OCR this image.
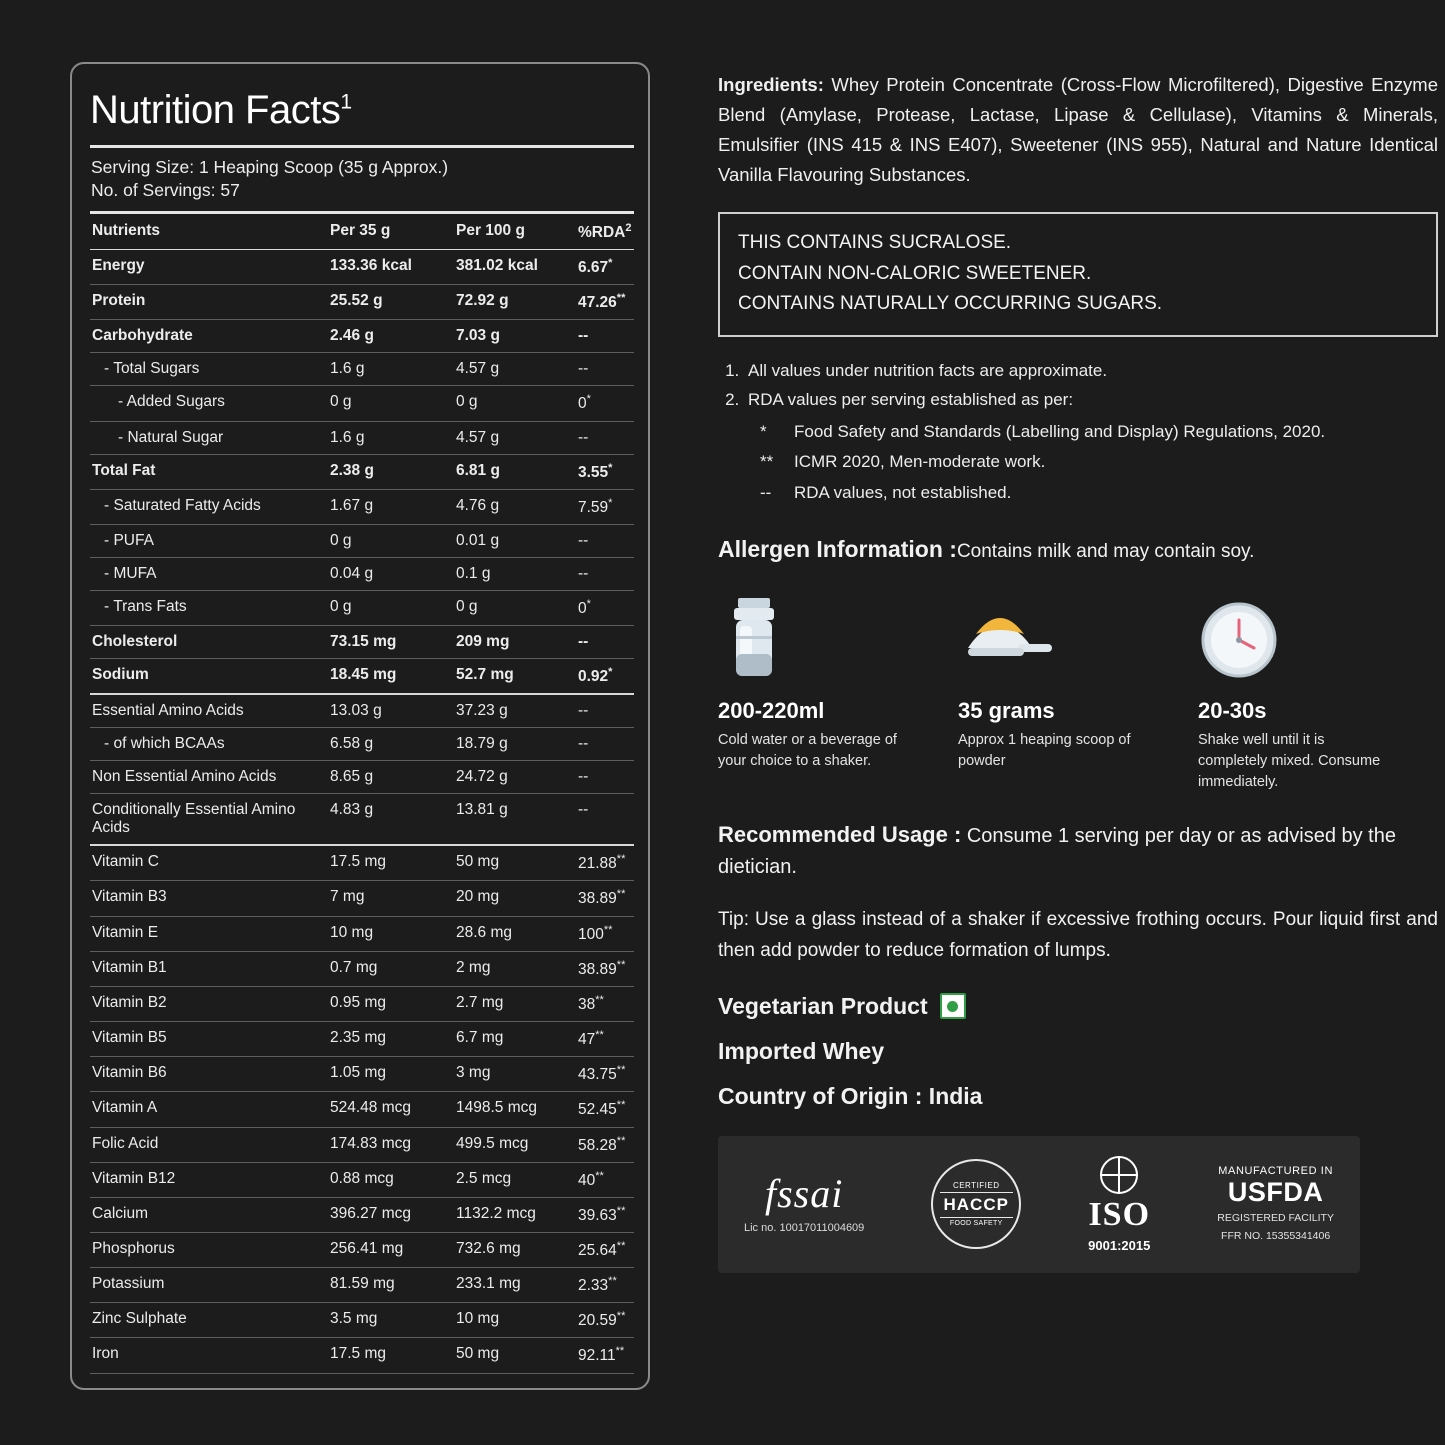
Nutrition Facts$^1$
Serving Size: 1 Heaping Scoop (35 g Approx.)
No. of Servings: 57
Nutrients	Per 35 g	Per 100 g	%RDA$^2$
Energy	133.36 kcal	381.02 kcal	6.67*
Protein	25.52 g	72.92 g	47.26**
Carbohydrate	2.46 g	7.03 g	--
- Total Sugars	1.6 g	4.57 g	--
- Added Sugars	0 g	0 g	0*
- Natural Sugar	1.6 g	4.57 g	--
Total Fat	2.38 g	6.81 g	3.55*
- Saturated Fatty Acids	1.67 g	4.76 g	7.59*
- PUFA	0 g	0.01 g	--
- MUFA	0.04 g	0.1 g	--
- Trans Fats	0 g	0 g	0*
Cholesterol	73.15 mg	209 mg	--
Sodium	18.45 mg	52.7 mg	0.92*
Essential Amino Acids	13.03 g	37.23 g	--
- of which BCAAs	6.58 g	18.79 g	--
Non Essential Amino Acids	8.65 g	24.72 g	--
Conditionally Essential Amino Acids	4.83 g	13.81 g	--
Vitamin C	17.5 mg	50 mg	21.88**
Vitamin B3	7 mg	20 mg	38.89**
Vitamin E	10 mg	28.6 mg	100**
Vitamin B1	0.7 mg	2 mg	38.89**
Vitamin B2	0.95 mg	2.7 mg	38**
Vitamin B5	2.35 mg	6.7 mg	47**
Vitamin B6	1.05 mg	3 mg	43.75**
Vitamin A	524.48 mcg	1498.5 mcg	52.45**
Folic Acid	174.83 mcg	499.5 mcg	58.28**
Vitamin B12	0.88 mcg	2.5 mcg	40**
Calcium	396.27 mcg	1132.2 mcg	39.63**
Phosphorus	256.41 mg	732.6 mg	25.64**
Potassium	81.59 mg	233.1 mg	2.33**
Zinc Sulphate	3.5 mg	10 mg	20.59**
Iron	17.5 mg	50 mg	92.11**
Ingredients: Whey Protein Concentrate (Cross-Flow Microfiltered), Digestive Enzyme Blend (Amylase, Protease, Lactase, Lipase & Cellulase), Vitamins & Minerals, Emulsifier (INS 415 & INS E407), Sweetener (INS 955), Natural and Nature Identical Vanilla Flavouring Substances.
THIS CONTAINS SUCRALOSE.
CONTAIN NON-CALORIC SWEETENER.
CONTAINS NATURALLY OCCURRING SUGARS.
1. All values under nutrition facts are approximate.
2. RDA values per serving established as per:
*	Food Safety and Standards (Labelling and Display) Regulations, 2020.
**	ICMR 2020, Men-moderate work.
--	RDA values, not established.
Allergen Information :Contains milk and may contain soy.
200-220ml
Cold water or a beverage of your choice to a shaker.
35 grams
Approx 1 heaping scoop of powder
20-30s
Shake well until it is completely mixed. Consume immediately.
Recommended Usage : Consume 1 serving per day or as advised by the dietician.
Tip: Use a glass instead of a shaker if excessive frothing occurs. Pour liquid first and then add powder to reduce formation of lumps.
Vegetarian Product
Imported Whey
Country of Origin : India
fssai
Lic no. 10017011004609
CERTIFIED
HACCP
FOOD SAFETY	ISO
9001:2015
MANUFACTURED IN
USFDA
REGISTERED FACILITY
FFR NO. 15355341406
